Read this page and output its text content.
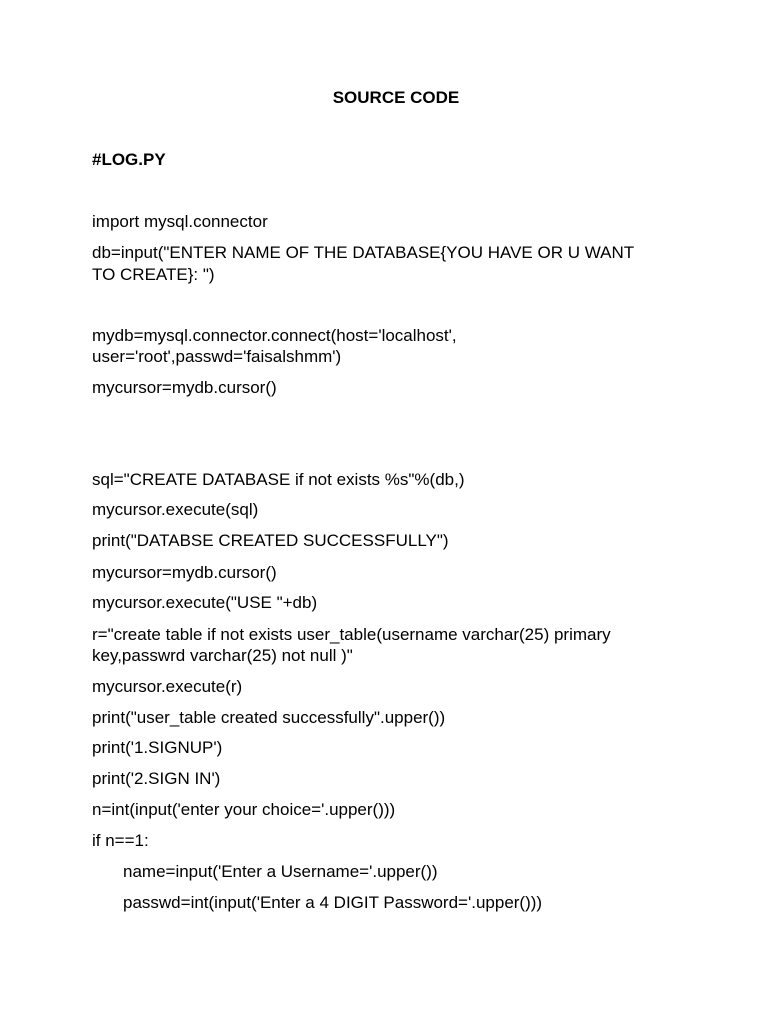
SOURCE CODE
#LOG.PY
import mysql.connector
db=input("ENTER NAME OF THE DATABASE{YOU HAVE OR U WANT
TO CREATE}: ")
mydb=mysql.connector.connect(host='localhost',
user='root',passwd='faisalshmm')
mycursor=mydb.cursor()
sql="CREATE DATABASE if not exists %s"%(db,)
mycursor.execute(sql)
print("DATABSE CREATED SUCCESSFULLY")
mycursor=mydb.cursor()
mycursor.execute("USE "+db)
r="create table if not exists user_table(username varchar(25) primary
key,passwrd varchar(25) not null )"
mycursor.execute(r)
print("user_table created successfully".upper())
print('1.SIGNUP')
print('2.SIGN IN')
n=int(input('enter your choice='.upper()))
if n==1:
name=input('Enter a Username='.upper())
passwd=int(input('Enter a 4 DIGIT Password='.upper()))
